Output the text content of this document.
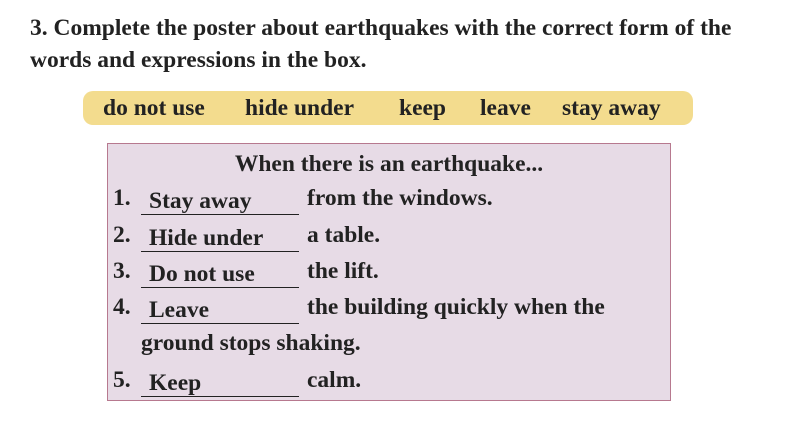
3. Complete the poster about earthquakes with the correct form of the words and expressions in the box.

do not use hide under keep leave stay away
When there is an earthquake...
1. Stay away from the windows.
2. Hide under a table.
3. Do not use the lift.
4. Leave	the building quickly when the
ground stops shaking.
5. Keep	calm.
